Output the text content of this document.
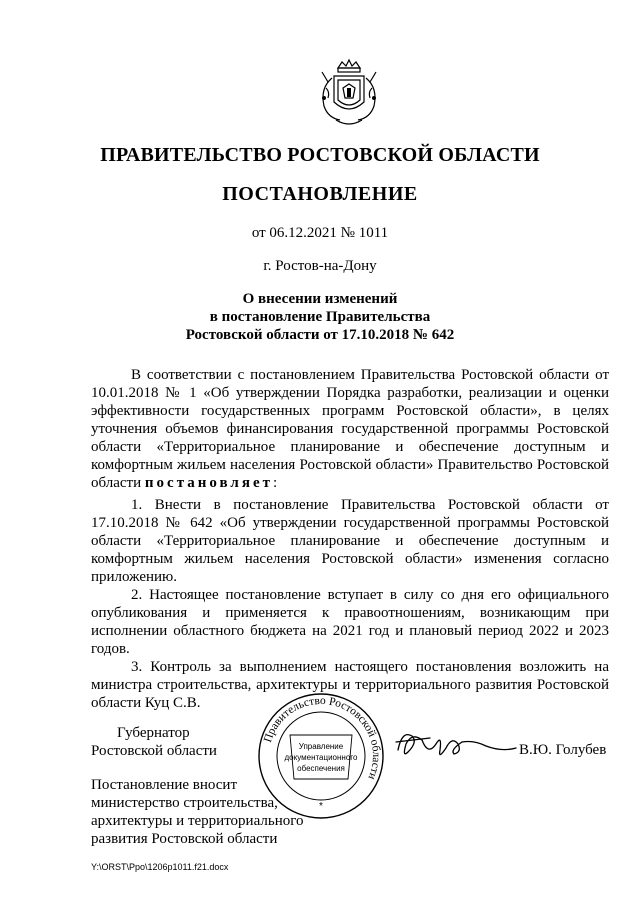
ПРАВИТЕЛЬСТВО РОСТОВСКОЙ ОБЛАСТИ
ПОСТАНОВЛЕНИЕ
от 06.12.2021 № 1011
г. Ростов-на-Дону
О внесении изменений
в постановление Правительства
Ростовской области от 17.10.2018 № 642
В соответствии с постановлением Правительства Ростовской области от 10.01.2018 № 1 «Об утверждении Порядка разработки, реализации и оценки эффективности государственных программ Ростовской области», в целях уточнения объемов финансирования государственной программы Ростовской области «Территориальное планирование и обеспечение доступным и комфортным жильем населения Ростовской области» Правительство Ростовской области постановляет:
1. Внести в постановление Правительства Ростовской области от 17.10.2018 № 642 «Об утверждении государственной программы Ростовской области «Территориальное планирование и обеспечение доступным и комфортным жильем населения Ростовской области» изменения согласно приложению.
2. Настоящее постановление вступает в силу со дня его официального опубликования и применяется к правоотношениям, возникающим при исполнении областного бюджета на 2021 год и плановый период 2022 и 2023 годов.
3. Контроль за выполнением настоящего постановления возложить на министра строительства, архитектуры и территориального развития Ростовской области Куц С.В.
Губернатор
Ростовской области
Правительство Ростовской области
Управление
документационного
обеспечения
*
В.Ю. Голубев
Постановление вносит
министерство строительства,
архитектуры и территориального
развития Ростовской области
Y:\ORST\Ppo\1206p1011.f21.docx
